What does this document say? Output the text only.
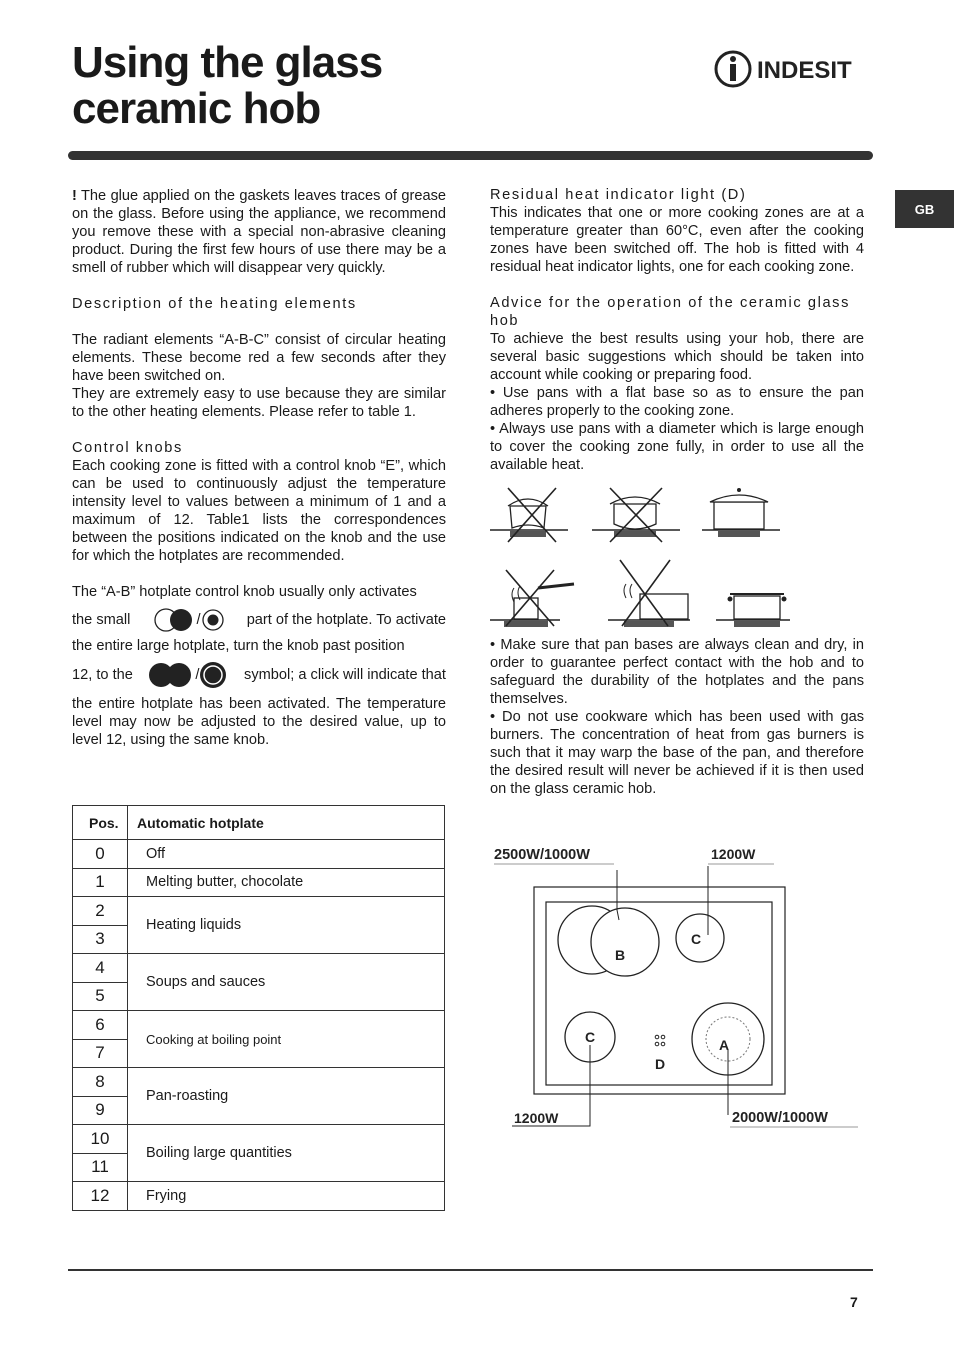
Using the glass ceramic hob
INDESIT
GB

! The glue applied on the gaskets leaves traces of grease on the glass. Before using the appliance, we recommend you remove these with a special non-abrasive cleaning product. During the first few hours of use there may be a smell of rubber which will disappear very quickly.

Description of the heating elements

The radiant elements “A-B-C” consist of circular heating elements. These become red a few seconds after they have been switched on.

They are extremely easy to use because they are similar to the other heating elements. Please refer to table 1.

Control knobs

Each cooking zone is fitted with a control knob “E”, which can be used to continuously adjust the temperature intensity level to values between a minimum of 1 and a maximum of 12. Table1 lists the correspondences between the positions indicated on the knob and the use for which the hotplates are recommended.

The “A-B” hotplate control knob usually only activates

the small	/	part of the hotplate. To activate

the entire large hotplate, turn the knob past position

12, to the	/	symbol; a click will indicate that

the entire hotplate has been activated. The temperature level may now be adjusted to the desired value, up to level 12, using the same knob.

Pos.	Automatic hotplate
0	Off
1	Melting butter, chocolate
2	Heating liquids
3	
4	Soups and sauces
5	
6	Cooking at boiling point
7	
8	Pan-roasting
9	
10	Boiling large quantities
11	
12	Frying

Residual heat indicator light (D)

This indicates that one or more cooking zones are at a temperature greater than 60°C, even after the cooking zones have been switched off. The hob is fitted with 4 residual heat indicator lights, one for each cooking zone.

Advice for the operation of the ceramic glass hob

To achieve the best results using your hob, there are several basic suggestions which should be taken into account while cooking or preparing food.

• Use pans with a flat base so as to ensure the pan adheres properly to the cooking zone.

• Always use pans with a diameter which is large enough to cover the cooking zone fully, in order to use all the available heat.

• Make sure that pan bases are always clean and dry, in order to guarantee perfect contact with the hob and to safeguard the durability of the hotplates and the pans themselves.

• Do not use cookware which has been used with gas burners. The concentration of heat from gas burners is such that it may warp the base of the pan, and therefore the desired result will never be achieved if it is then used on the glass ceramic hob.

2500W/1000W	1200W
B
C
C	A
D
1200W	2000W/1000W
7
